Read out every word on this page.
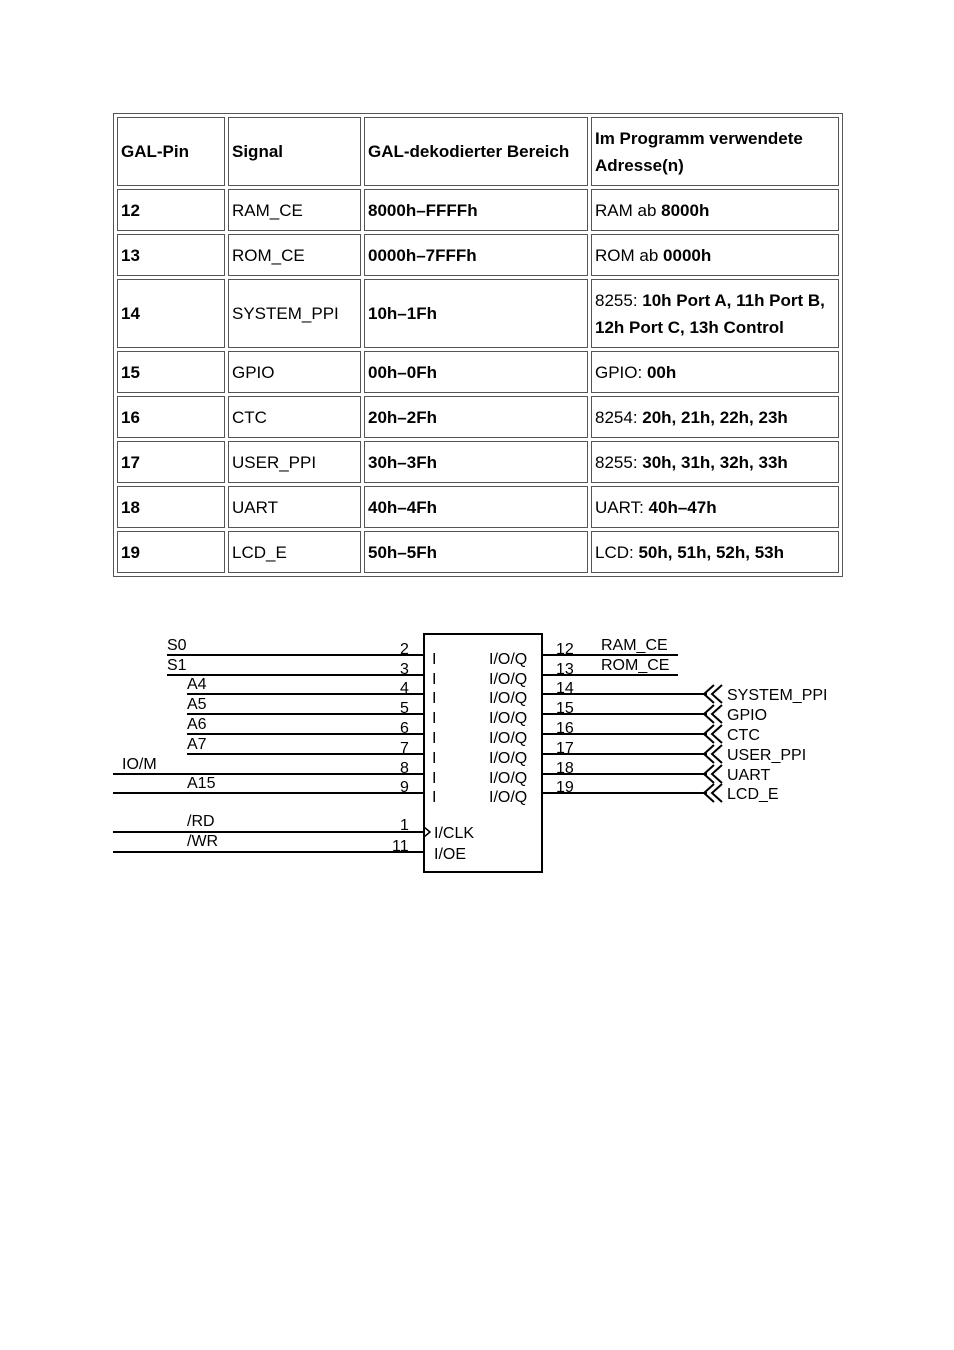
GAL-Pin	Signal	GAL-dekodierter Bereich	Im Programm verwendete Adresse(n)
12	RAM_CE	8000h–FFFFh	RAM ab 8000h
13	ROM_CE	0000h–7FFFh	ROM ab 0000h
14	SYSTEM_PPI	10h–1Fh	8255: 10h Port A, 11h Port B,
12h Port C, 13h Control
15	GPIO	00h–0Fh	GPIO: 00h
16	CTC	20h–2Fh	8254: 20h, 21h, 22h, 23h
17	USER_PPI	30h–3Fh	8255: 30h, 31h, 32h, 33h
18	UART	40h–4Fh	UART: 40h–47h
19	LCD_E	50h–5Fh	LCD: 50h, 51h, 52h, 53h
S0	2
I
S1	3
I
A4	4
I
A5	5
I
A6	6
I
A7	7
I
IO/M	8
I
A15	9
I
/RD
/WR
1
11
I/CLK
I/OE
I/O/Q
12 RAM_CE
I/O/Q
13 ROM_CE
I/O/Q
14	SYSTEM_PPI
I/O/Q
15	GPIO
I/O/Q
16	CTC
I/O/Q
17	USER_PPI
I/O/Q
18	UART
I/O/Q
19	LCD_E
